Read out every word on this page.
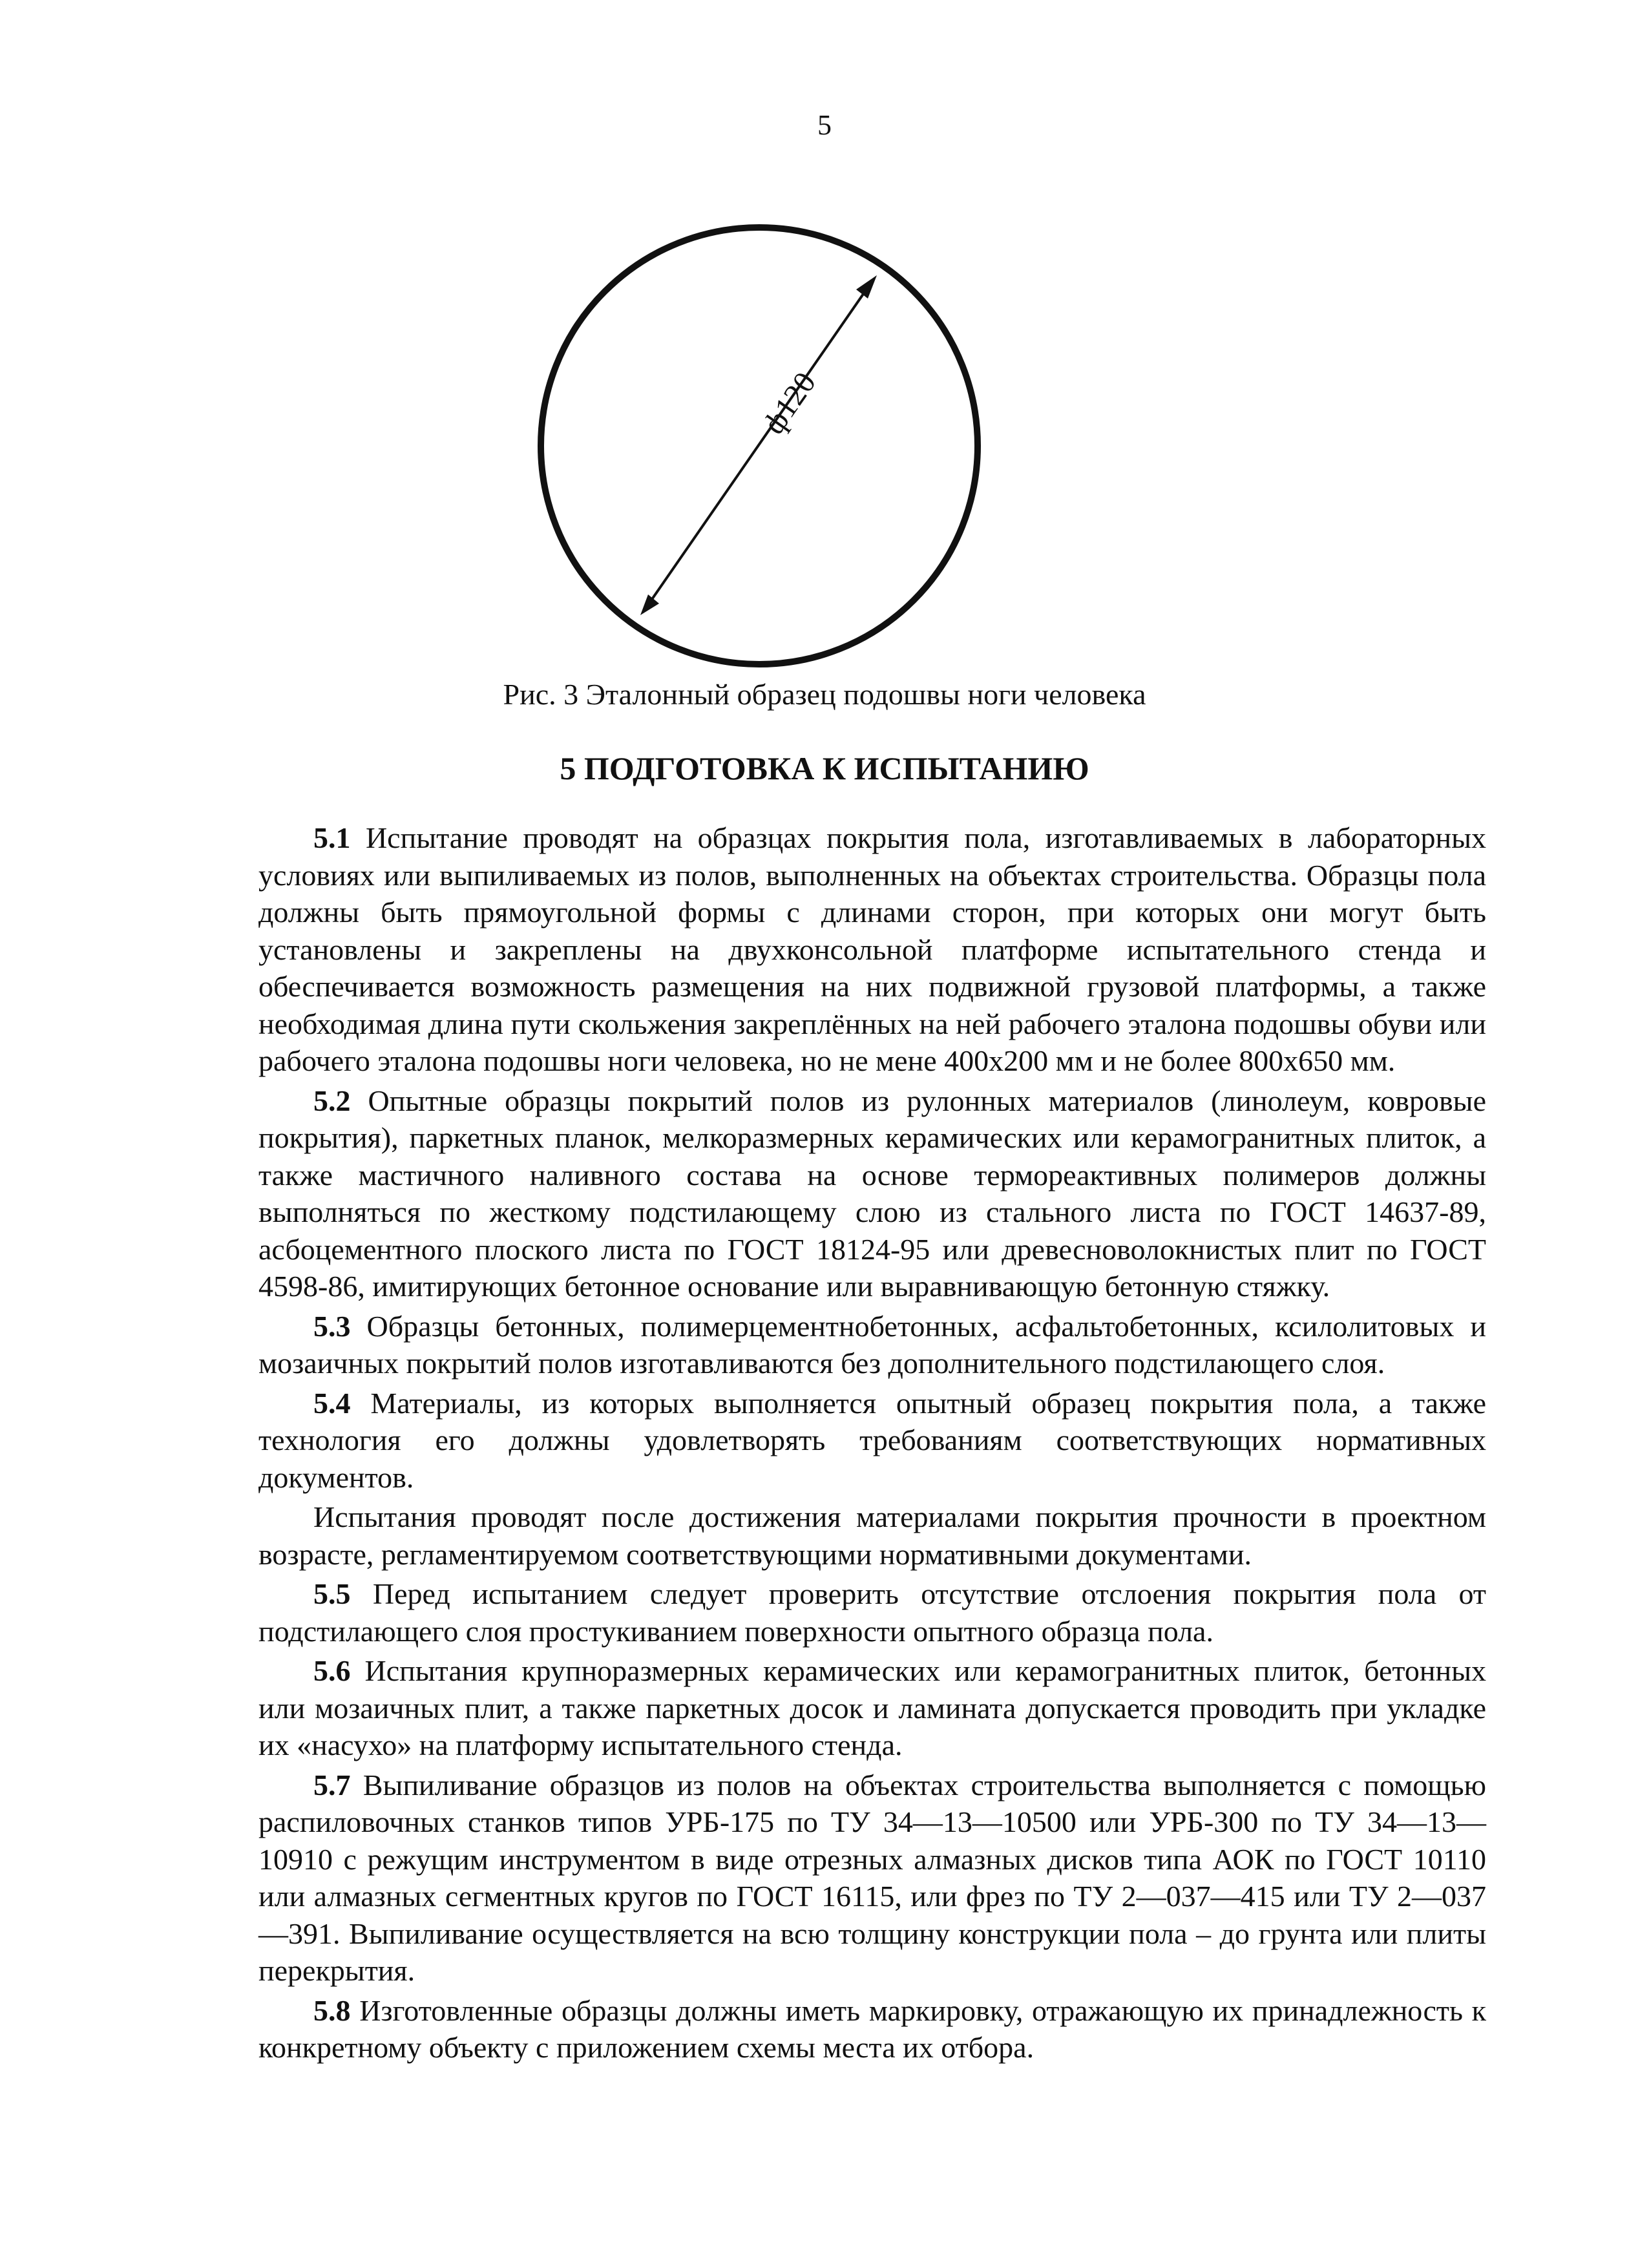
5
ф120
Рис. 3 Эталонный образец подошвы ноги человека
5 ПОДГОТОВКА К ИСПЫТАНИЮ

5.1 Испытание проводят на образцах покрытия пола, изготавливаемых в лабораторных условиях или выпиливаемых из полов, выполненных на объектах строительства. Образцы пола должны быть прямоугольной формы с длинами сторон, при которых они могут быть установлены и закреплены на двухконсольной платформе испытательного стенда и обеспечивается возможность размещения на них подвижной грузовой платформы, а также необходимая длина пути скольжения закреплённых на ней рабочего эталона подошвы обуви или рабочего эталона подошвы ноги человека, но не мене 400х200 мм и не более 800х650 мм.

5.2 Опытные образцы покрытий полов из рулонных материалов (линолеум, ковровые покрытия), паркетных планок, мелкоразмерных керамических или керамогранитных плиток, а также мастичного наливного состава на основе термореактивных полимеров должны выполняться по жесткому подстилающему слою из стального листа по ГОСТ 14637-89, асбоцементного плоского листа по ГОСТ 18124-95 или древесноволокнистых плит по ГОСТ 4598-86, имитирующих бетонное основание или выравнивающую бетонную стяжку.

5.3 Образцы бетонных, полимерцементнобетонных, асфальтобетонных, ксилолитовых и мозаичных покрытий полов изготавливаются без дополнительного подстилающего слоя.

5.4 Материалы, из которых выполняется опытный образец покрытия пола, а также технология его должны удовлетворять требованиям соответствующих нормативных документов.

Испытания проводят после достижения материалами покрытия прочности в проектном возрасте, регламентируемом соответствующими нормативными документами.

5.5 Перед испытанием следует проверить отсутствие отслоения покрытия пола от подстилающего слоя простукиванием поверхности опытного образца пола.

5.6 Испытания крупноразмерных керамических или керамогранитных плиток, бетонных или мозаичных плит, а также паркетных досок и ламината допускается проводить при укладке их «насухо» на платформу испытательного стенда.

5.7 Выпиливание образцов из полов на объектах строительства выполняется с помощью распиловочных станков типов УРБ-175 по ТУ 34—13—10500 или УРБ-300 по ТУ 34—13—10910 с режущим инструментом в виде отрезных алмазных дисков типа АОК по ГОСТ 10110 или алмазных сегментных кругов по ГОСТ 16115, или фрез по ТУ 2—037—415 или ТУ 2—037—391. Выпиливание осуществляется на всю толщину конструкции пола – до грунта или плиты перекрытия.

5.8 Изготовленные образцы должны иметь маркировку, отражающую их принадлежность к конкретному объекту с приложением схемы места их отбора.
